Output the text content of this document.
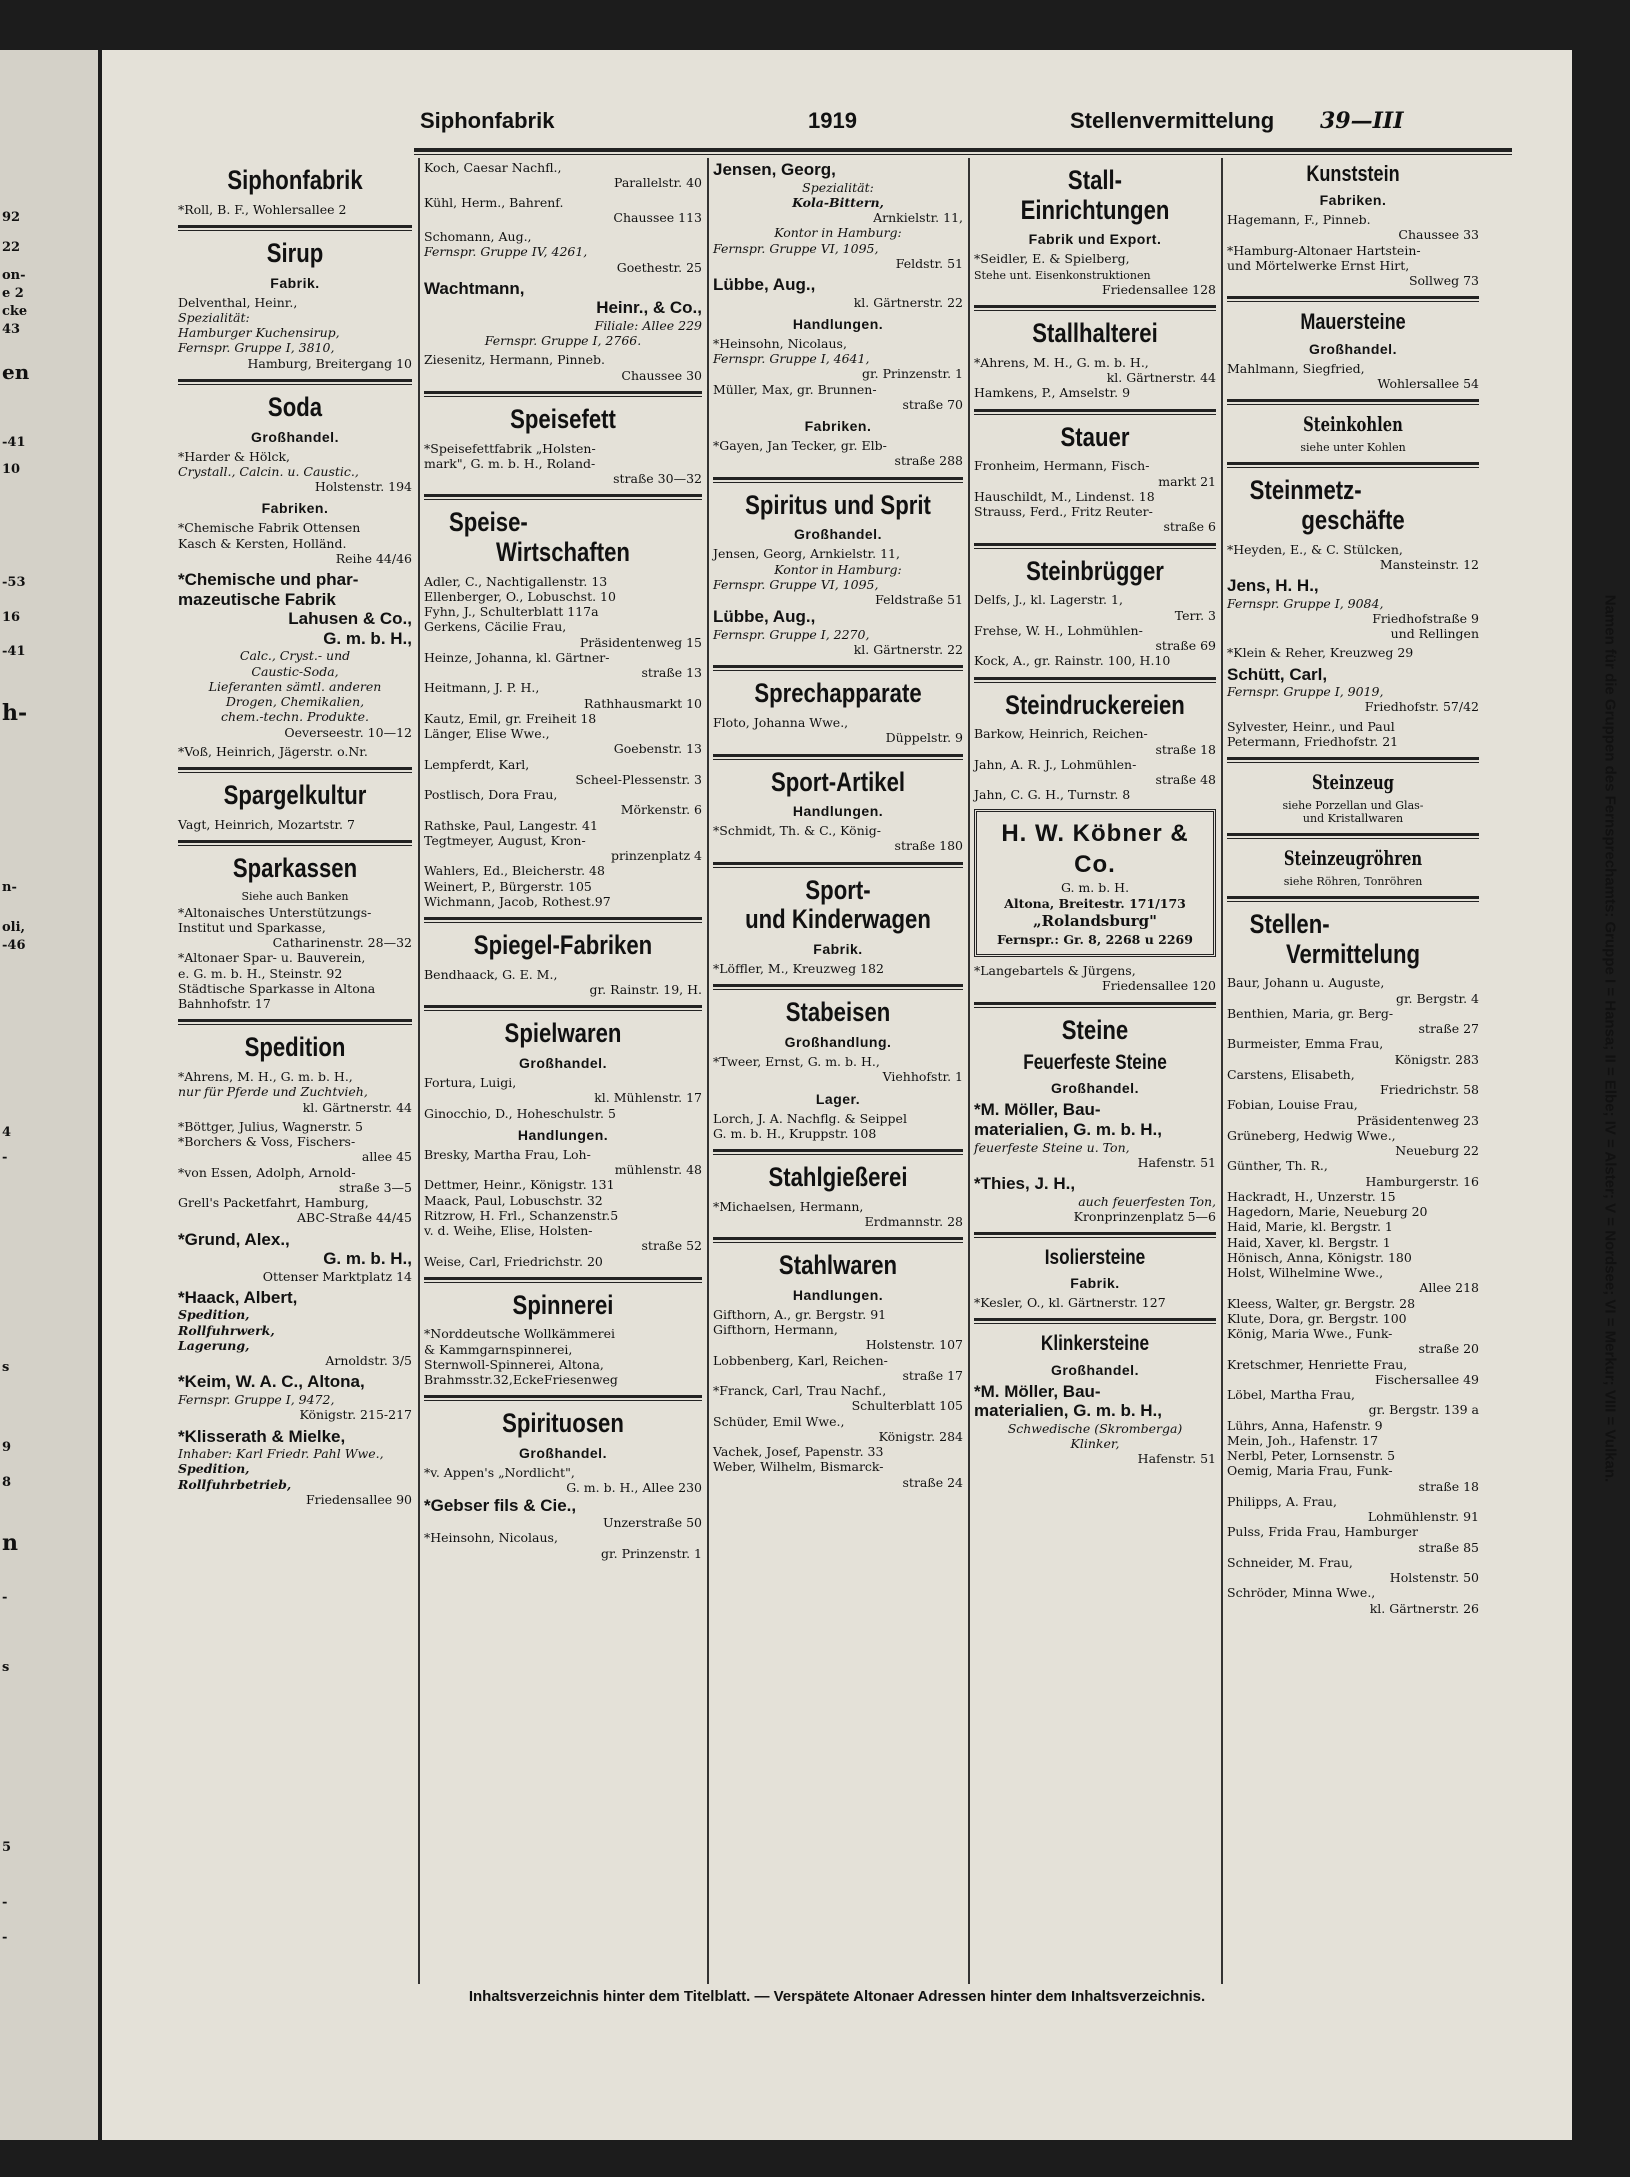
92
22
on-
e 2
cke
43
en
-41
10
-53
16
-41
h-
n-
oli,
-46
4
-
s
9
8
n
-
s
5
-
-
Siphonfabrik	1919	Stellenvermittelung 39—III
Siphonfabrik
*Roll, B. F., Wohlersallee 2
Sirup
Fabrik.
Delventhal, Heinr.,
Spezialität:
Hamburger Kuchensirup,
Fernspr. Gruppe I, 3810,
Hamburg, Breitergang 10
Soda
Großhandel.
*Harder & Hölck,
Crystall., Calcin. u. Caustic.,
Holstenstr. 194
Fabriken.
*Chemische Fabrik Ottensen
Kasch & Kersten, Holländ.
Reihe 44/46
*Chemische und phar-
mazeutische Fabrik

Lahusen & Co.,
G. m. b. H.,
Calc., Cryst.- und
Caustic-Soda,
Lieferanten sämtl. anderen
Drogen, Chemikalien,
chem.-techn. Produkte.
Oeverseestr. 10—12
*Voß, Heinrich, Jägerstr. o.Nr.
Spargelkultur
Vagt, Heinrich, Mozartstr. 7
Sparkassen
Siehe auch Banken
*Altonaisches Unterstützungs-
Institut und Sparkasse,
Catharinenstr. 28—32
*Altonaer Spar- u. Bauverein,
e. G. m. b. H., Steinstr. 92
Städtische Sparkasse in Altona
Bahnhofstr. 17
Spedition
*Ahrens, M. H., G. m. b. H.,
nur für Pferde und Zuchtvieh,
kl. Gärtnerstr. 44
*Böttger, Julius, Wagnerstr. 5
*Borchers & Voss, Fischers-
allee 45
*von Essen, Adolph, Arnold-
straße 3—5
Grell's Packetfahrt, Hamburg,
ABC-Straße 44/45
*Grund, Alex.,
G. m. b. H.,
Ottenser Marktplatz 14
*Haack, Albert,
Spedition,
Rollfuhrwerk,
Lagerung,
Arnoldstr. 3/5
*Keim, W. A. C., Altona,
Fernspr. Gruppe I, 9472,
Königstr. 215-217
*Klisserath & Mielke,
Inhaber: Karl Friedr. Pahl Wwe.,
Spedition,
Rollfuhrbetrieb,
Friedensallee 90
Koch, Caesar Nachfl.,
Parallelstr. 40
Kühl, Herm., Bahrenf.
Chaussee 113
Schomann, Aug.,
Fernspr. Gruppe IV, 4261,
Goethestr. 25
Wachtmann,
Heinr., & Co.,
Filiale: Allee 229
Fernspr. Gruppe I, 2766.
Ziesenitz, Hermann, Pinneb.
Chaussee 30
Speisefett
*Speisefettfabrik „Holsten-
mark", G. m. b. H., Roland-
straße 30—32
Speise-
Wirtschaften
Adler, C., Nachtigallenstr. 13
Ellenberger, O., Lobuschst. 10
Fyhn, J., Schulterblatt 117a
Gerkens, Cäcilie Frau,
Präsidentenweg 15
Heinze, Johanna, kl. Gärtner-
straße 13
Heitmann, J. P. H.,
Rathhausmarkt 10
Kautz, Emil, gr. Freiheit 18
Länger, Elise Wwe.,
Goebenstr. 13
Lempferdt, Karl,
Scheel-Plessenstr. 3
Postlisch, Dora Frau,
Mörkenstr. 6
Rathske, Paul, Langestr. 41
Tegtmeyer, August, Kron-
prinzenplatz 4
Wahlers, Ed., Bleicherstr. 48
Weinert, P., Bürgerstr. 105
Wichmann, Jacob, Rothest.97
Spiegel-Fabriken
Bendhaack, G. E. M.,
gr. Rainstr. 19, H.
Spielwaren
Großhandel.
Fortura, Luigi,
kl. Mühlenstr. 17
Ginocchio, D., Hoheschulstr. 5
Handlungen.
Bresky, Martha Frau, Loh-
mühlenstr. 48
Dettmer, Heinr., Königstr. 131
Maack, Paul, Lobuschstr. 32
Ritzrow, H. Frl., Schanzenstr.5
v. d. Weihe, Elise, Holsten-
straße 52
Weise, Carl, Friedrichstr. 20
Spinnerei
*Norddeutsche Wollkämmerei
& Kammgarnspinnerei,
Sternwoll-Spinnerei, Altona,
Brahmsstr.32,EckeFriesenweg
Spirituosen
Großhandel.
*v. Appen's „Nordlicht",
G. m. b. H., Allee 230
*Gebser fils & Cie.,
Unzerstraße 50
*Heinsohn, Nicolaus,
gr. Prinzenstr. 1
Jensen, Georg,

Spezialität:
Kola-Bittern,
Arnkielstr. 11,
Kontor in Hamburg:
Fernspr. Gruppe VI, 1095,
Feldstr. 51
Lübbe, Aug.,
kl. Gärtnerstr. 22
Handlungen.
*Heinsohn, Nicolaus,
Fernspr. Gruppe I, 4641,
gr. Prinzenstr. 1
Müller, Max, gr. Brunnen-
straße 70
Fabriken.
*Gayen, Jan Tecker, gr. Elb-
straße 288
Spiritus und Sprit
Großhandel.
Jensen, Georg, Arnkielstr. 11,

Kontor in Hamburg:
Fernspr. Gruppe VI, 1095,
Feldstraße 51
Lübbe, Aug.,
Fernspr. Gruppe I, 2270,
kl. Gärtnerstr. 22
Sprechapparate
Floto, Johanna Wwe.,
Düppelstr. 9
Sport-Artikel
Handlungen.
*Schmidt, Th. & C., König-
straße 180
Sport-
und Kinderwagen
Fabrik.
*Löffler, M., Kreuzweg 182
Stabeisen
Großhandlung.
*Tweer, Ernst, G. m. b. H.,
Viehhofstr. 1
Lager.
Lorch, J. A. Nachflg. & Seippel
G. m. b. H., Kruppstr. 108
Stahlgießerei
*Michaelsen, Hermann,
Erdmannstr. 28
Stahlwaren
Handlungen.
Gifthorn, A., gr. Bergstr. 91
Gifthorn, Hermann,
Holstenstr. 107
Lobbenberg, Karl, Reichen-
straße 17
*Franck, Carl, Trau Nachf.,
Schulterblatt 105
Schüder, Emil Wwe.,
Königstr. 284
Vachek, Josef, Papenstr. 33
Weber, Wilhelm, Bismarck-
straße 24
Stall-
Einrichtungen
Fabrik und Export.
*Seidler, E. & Spielberg,
Stehe unt. Eisenkonstruktionen
Friedensallee 128
Stallhalterei
*Ahrens, M. H., G. m. b. H.,
kl. Gärtnerstr. 44
Hamkens, P., Amselstr. 9
Stauer
Fronheim, Hermann, Fisch-
markt 21
Hauschildt, M., Lindenst. 18
Strauss, Ferd., Fritz Reuter-
straße 6
Steinbrügger
Delfs, J., kl. Lagerstr. 1,
Terr. 3
Frehse, W. H., Lohmühlen-
straße 69
Kock, A., gr. Rainstr. 100, H.10
Steindruckereien
Barkow, Heinrich, Reichen-
straße 18
Jahn, A. R. J., Lohmühlen-
straße 48
Jahn, C. G. H., Turnstr. 8
H. W. Köbner & Co.
G. m. b. H.
Altona, Breitestr. 171/173
„Rolandsburg"
Fernspr.: Gr. 8, 2268 u 2269
*Langebartels & Jürgens,
Friedensallee 120
Steine
Feuerfeste Steine
Großhandel.
*M. Möller, Bau-
materialien, G. m. b. H.,
feuerfeste Steine u. Ton,
Hafenstr. 51
*Thies, J. H.,
auch feuerfesten Ton,
Kronprinzenplatz 5—6
Isoliersteine
Fabrik.
*Kesler, O., kl. Gärtnerstr. 127
Klinkersteine
Großhandel.
*M. Möller, Bau-
materialien, G. m. b. H.,

Schwedische (Skromberga)
Klinker,
Hafenstr. 51
Kunststein
Fabriken.
Hagemann, F., Pinneb.
Chaussee 33
*Hamburg-Altonaer Hartstein-
und Mörtelwerke Ernst Hirt,
Sollweg 73
Mauersteine
Großhandel.
Mahlmann, Siegfried,
Wohlersallee 54
Steinkohlen
siehe unter Kohlen
Steinmetz-
geschäfte
*Heyden, E., & C. Stülcken,
Mansteinstr. 12
Jens, H. H.,
Fernspr. Gruppe I, 9084,
Friedhofstraße 9
und Rellingen
*Klein & Reher, Kreuzweg 29
Schütt, Carl,
Fernspr. Gruppe I, 9019,
Friedhofstr. 57/42
Sylvester, Heinr., und Paul
Petermann, Friedhofstr. 21
Steinzeug
siehe Porzellan und Glas-
und Kristallwaren
Steinzeugröhren
siehe Röhren, Tonröhren
Stellen-
Vermittelung
Baur, Johann u. Auguste,
gr. Bergstr. 4
Benthien, Maria, gr. Berg-
straße 27
Burmeister, Emma Frau,
Königstr. 283
Carstens, Elisabeth,
Friedrichstr. 58
Fobian, Louise Frau,
Präsidentenweg 23
Grüneberg, Hedwig Wwe.,
Neueburg 22
Günther, Th. R.,
Hamburgerstr. 16
Hackradt, H., Unzerstr. 15
Hagedorn, Marie, Neueburg 20
Haid, Marie, kl. Bergstr. 1
Haid, Xaver, kl. Bergstr. 1
Hönisch, Anna, Königstr. 180
Holst, Wilhelmine Wwe.,
Allee 218
Kleess, Walter, gr. Bergstr. 28
Klute, Dora, gr. Bergstr. 100
König, Maria Wwe., Funk-
straße 20
Kretschmer, Henriette Frau,
Fischersallee 49
Löbel, Martha Frau,
gr. Bergstr. 139 a
Lührs, Anna, Hafenstr. 9
Mein, Joh., Hafenstr. 17
Nerbl, Peter, Lornsenstr. 5
Oemig, Maria Frau, Funk-
straße 18
Philipps, A. Frau,
Lohmühlenstr. 91
Pulss, Frida Frau, Hamburger
straße 85
Schneider, M. Frau,
Holstenstr. 50
Schröder, Minna Wwe.,
kl. Gärtnerstr. 26
Namen für die Gruppen des Fernsprechamts: Gruppe I = Hansa; II = Elbe; IV = Alster; V = Nordsee; VI = Merkur; VIII = Vulkan.
Inhaltsverzeichnis hinter dem Titelblatt. — Verspätete Altonaer Adressen hinter dem Inhaltsverzeichnis.
